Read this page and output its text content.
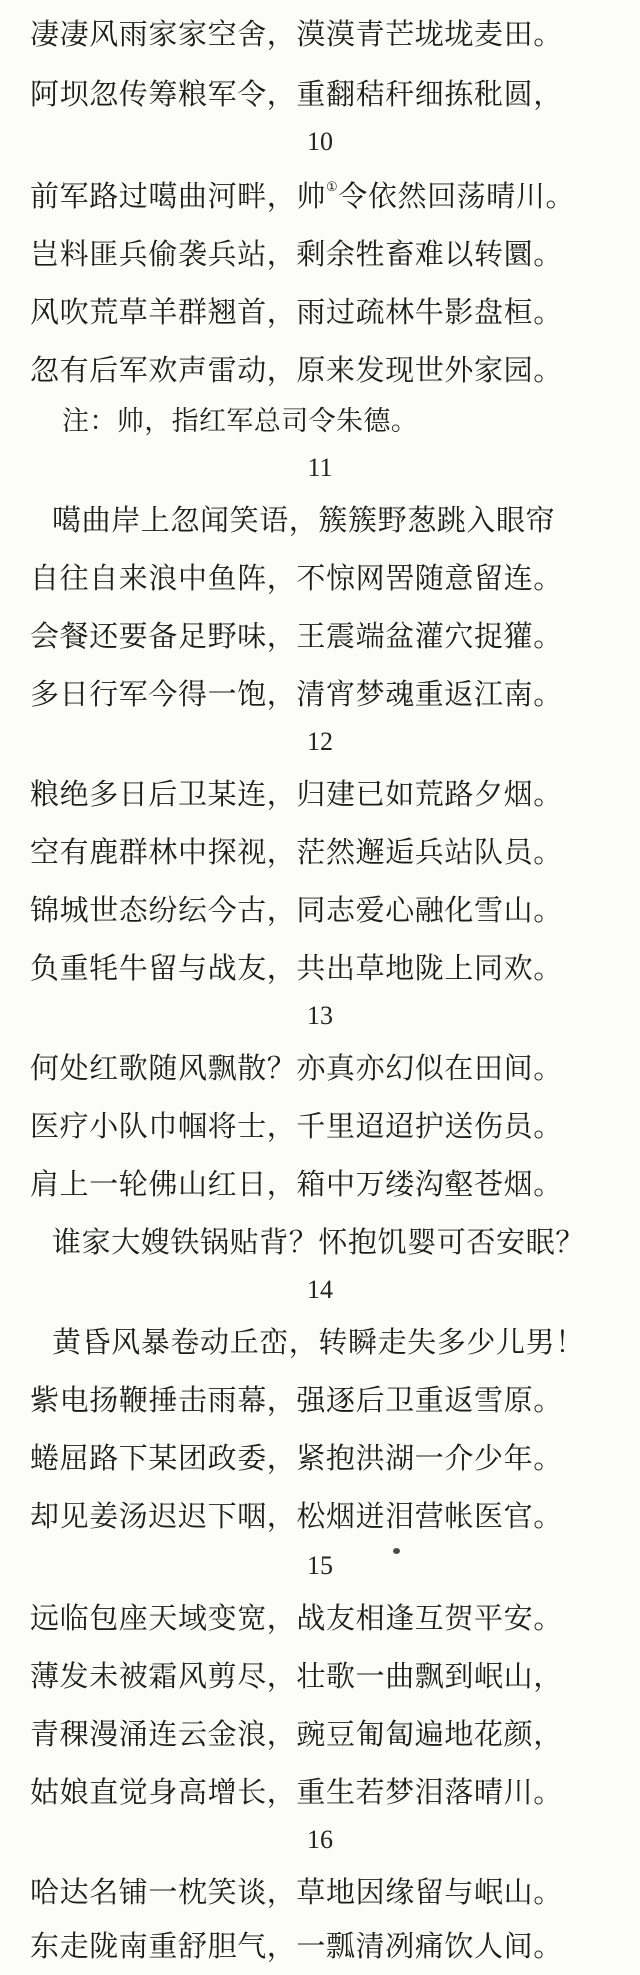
凄凄风雨家家空舍，漠漠青芒垅垅麦田。
阿坝忽传筹粮军令，重翻秸秆细拣秕圆，
10
前军路过噶曲河畔，帅①令依然回荡晴川。
岂料匪兵偷袭兵站，剩余牲畜难以转圜。
风吹荒草羊群翘首，雨过疏林牛影盘桓。
忽有后军欢声雷动，原来发现世外家园。
注：帅，指红军总司令朱德。
11
噶曲岸上忽闻笑语，簇簇野葱跳入眼帘
自往自来浪中鱼阵，不惊网罟随意留连。
会餐还要备足野味，王震端盆灌穴捉獾。
多日行军今得一饱，清宵梦魂重返江南。
12
粮绝多日后卫某连，归建已如荒路夕烟。
空有鹿群林中探视，茫然邂逅兵站队员。
锦城世态纷纭今古，同志爱心融化雪山。
负重牦牛留与战友，共出草地陇上同欢。
13
何处红歌随风飘散？亦真亦幻似在田间。
医疗小队巾帼将士，千里迢迢护送伤员。
肩上一轮佛山红日，箱中万缕沟壑苍烟。
谁家大嫂铁锅贴背？怀抱饥婴可否安眠？
14
黄昏风暴卷动丘峦，转瞬走失多少儿男！
紫电扬鞭捶击雨幕，强逐后卫重返雪原。
蜷屈路下某团政委，紧抱洪湖一介少年。
却见姜汤迟迟下咽，松烟迸泪营帐医官。
15
远临包座天域变宽，战友相逢互贺平安。
薄发未被霜风剪尽，壮歌一曲飘到岷山，
青稞漫涌连云金浪，豌豆匍匐遍地花颜，
姑娘直觉身高增长，重生若梦泪落晴川。
16
哈达名铺一枕笑谈，草地因缘留与岷山。
东走陇南重舒胆气，一瓢清冽痛饮人间。
